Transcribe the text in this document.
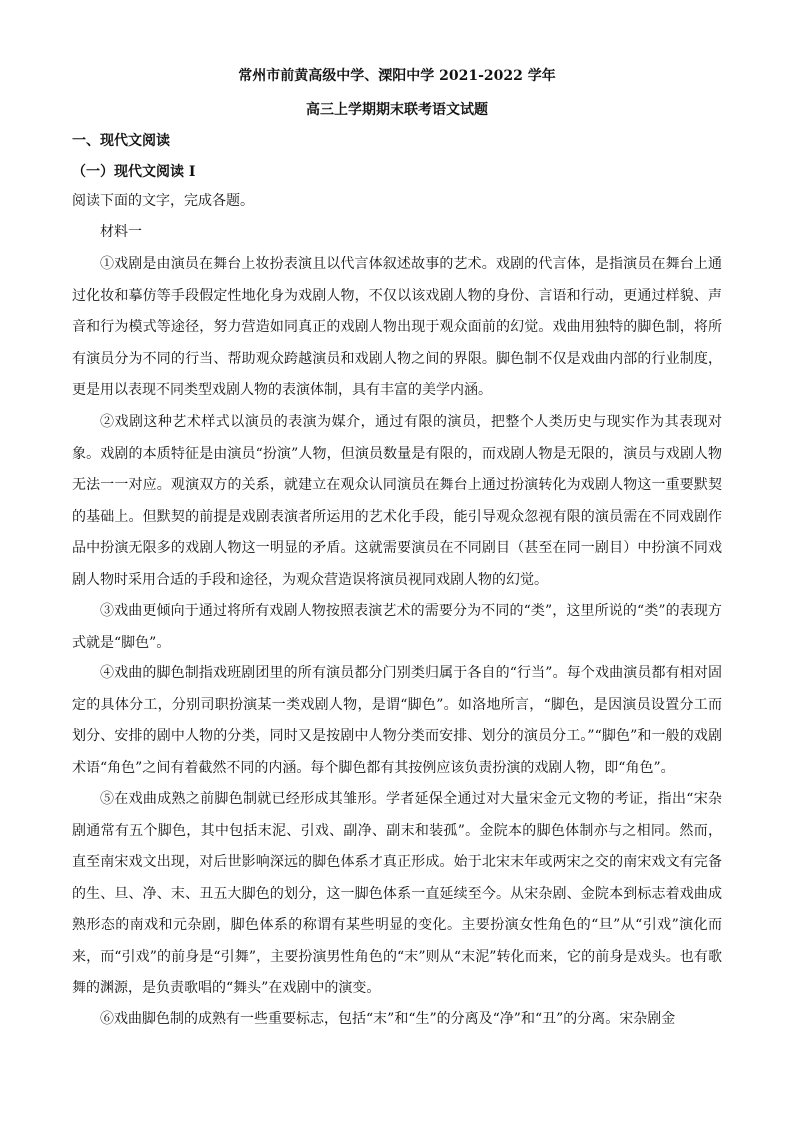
常州市前黄高级中学、溧阳中学 2021-2022 学年
高三上学期期末联考语文试题
一、现代文阅读
（一）现代文阅读 Ⅰ
阅读下面的文字，完成各题。
材料一

①戏剧是由演员在舞台上妆扮表演且以代言体叙述故事的艺术。戏剧的代言体，是指演员在舞台上通过化妆和摹仿等手段假定性地化身为戏剧人物，不仅以该戏剧人物的身份、言语和行动，更通过样貌、声音和行为模式等途径，努力营造如同真正的戏剧人物出现于观众面前的幻觉。戏曲用独特的脚色制，将所有演员分为不同的行当、帮助观众跨越演员和戏剧人物之间的界限。脚色制不仅是戏曲内部的行业制度，更是用以表现不同类型戏剧人物的表演体制，具有丰富的美学内涵。

②戏剧这种艺术样式以演员的表演为媒介，通过有限的演员，把整个人类历史与现实作为其表现对象。戏剧的本质特征是由演员“扮演”人物，但演员数量是有限的，而戏剧人物是无限的，演员与戏剧人物无法一一对应。观演双方的关系，就建立在观众认同演员在舞台上通过扮演转化为戏剧人物这一重要默契的基础上。但默契的前提是戏剧表演者所运用的艺术化手段，能引导观众忽视有限的演员需在不同戏剧作品中扮演无限多的戏剧人物这一明显的矛盾。这就需要演员在不同剧目（甚至在同一剧目）中扮演不同戏剧人物时采用合适的手段和途径，为观众营造误将演员视同戏剧人物的幻觉。

③戏曲更倾向于通过将所有戏剧人物按照表演艺术的需要分为不同的“类”，这里所说的“类”的表现方式就是“脚色”。

④戏曲的脚色制指戏班剧团里的所有演员都分门别类归属于各自的“行当”。每个戏曲演员都有相对固定的具体分工，分别司职扮演某一类戏剧人物，是谓“脚色”。如洛地所言，“脚色，是因演员设置分工而划分、安排的剧中人物的分类，同时又是按剧中人物分类而安排、划分的演员分工。”“脚色”和一般的戏剧术语“角色”之间有着截然不同的内涵。每个脚色都有其按例应该负责扮演的戏剧人物，即“角色”。

⑤在戏曲成熟之前脚色制就已经形成其雏形。学者延保全通过对大量宋金元文物的考证，指出“宋杂剧通常有五个脚色，其中包括末泥、引戏、副净、副末和装孤”。金院本的脚色体制亦与之相同。然而，直至南宋戏文出现，对后世影响深远的脚色体系才真正形成。始于北宋末年或两宋之交的南宋戏文有完备的生、旦、净、末、丑五大脚色的划分，这一脚色体系一直延续至今。从宋杂剧、金院本到标志着戏曲成熟形态的南戏和元杂剧，脚色体系的称谓有某些明显的变化。主要扮演女性角色的“旦”从“引戏”演化而来，而“引戏”的前身是“引舞”，主要扮演男性角色的“末”则从“末泥”转化而来，它的前身是戏头。也有歌舞的渊源，是负责歌唱的“舞头”在戏剧中的演变。

⑥戏曲脚色制的成熟有一些重要标志，包括“末”和“生”的分离及“净”和“丑”的分离。宋杂剧金
